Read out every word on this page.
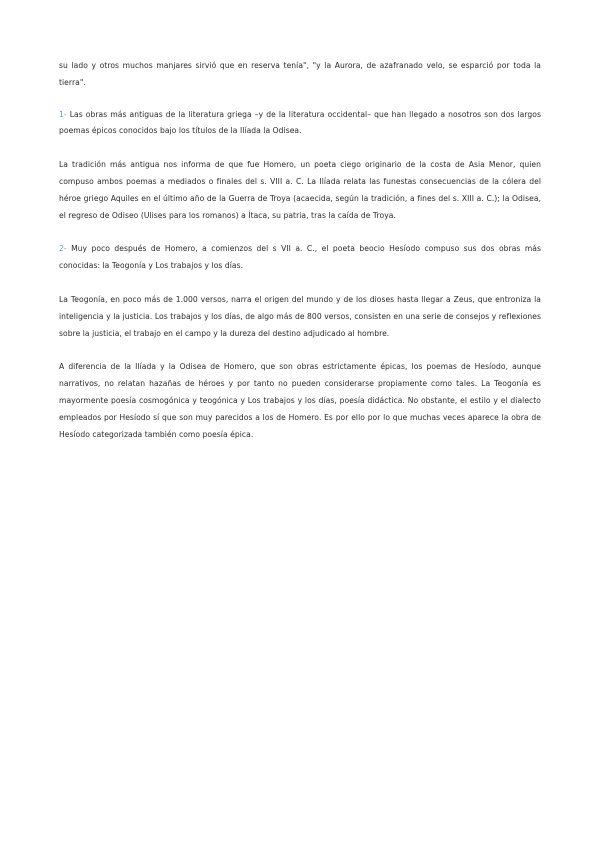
su lado y otros muchos manjares sirvió que en reserva tenía", "y la Aurora, de azafranado velo, se esparció por toda la tierra".

1- Las obras más antiguas de la literatura griega –y de la literatura occidental– que han llegado a nosotros son dos largos poemas épicos conocidos bajo los títulos de la Ilíada la Odisea.

La tradición más antigua nos informa de que fue Homero, un poeta ciego originario de la costa de Asia Menor, quien compuso ambos poemas a mediados o finales del s. VIII a. C. La Ilíada relata las funestas consecuencias de la cólera del héroe griego Aquiles en el último año de la Guerra de Troya (acaecida, según la tradición, a fines del s. XIII a. C.); la Odisea, el regreso de Odiseo (Ulises para los romanos) a Ítaca, su patria, tras la caída de Troya.

2- Muy poco después de Homero, a comienzos del s VII a. C., el poeta beocio Hesíodo compuso sus dos obras más conocidas: la Teogonía y Los trabajos y los días.

La Teogonía, en poco más de 1.000 versos, narra el origen del mundo y de los dioses hasta llegar a Zeus, que entroniza la inteligencia y la justicia. Los trabajos y los días, de algo más de 800 versos, consisten en una serie de consejos y reflexiones sobre la justicia, el trabajo en el campo y la dureza del destino adjudicado al hombre.

A diferencia de la Ilíada y la Odisea de Homero, que son obras estrictamente épicas, los poemas de Hesíodo, aunque narrativos, no relatan hazañas de héroes y por tanto no pueden considerarse propiamente como tales. La Teogonía es mayormente poesía cosmogónica y teogónica y Los trabajos y los días, poesía didáctica. No obstante, el estilo y el dialecto empleados por Hesíodo sí que son muy parecidos a los de Homero. Es por ello por lo que muchas veces aparece la obra de Hesíodo categorizada también como poesía épica.
